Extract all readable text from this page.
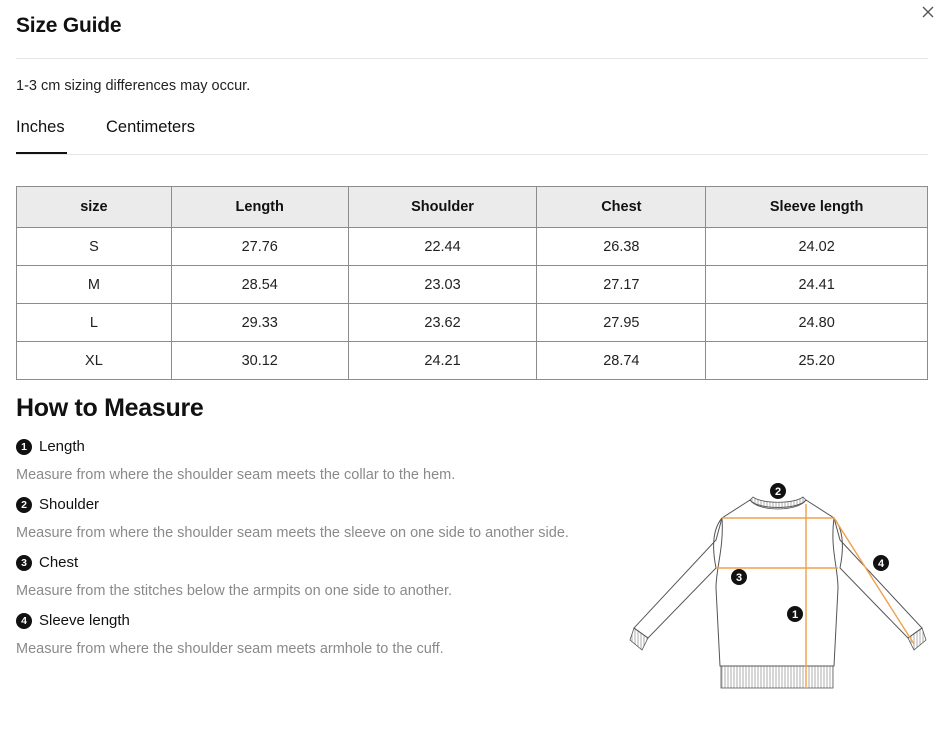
Size Guide
1-3 cm sizing differences may occur.
Inches	Centimeters
size	Length	Shoulder	Chest	Sleeve length
S	27.76	22.44	26.38	24.02
M	28.54	23.03	27.17	24.41
L	29.33	23.62	27.95	24.80
XL	30.12	24.21	28.74	25.20
How to Measure
1 Length
Measure from where the shoulder seam meets the collar to the hem.
2 Shoulder
Measure from where the shoulder seam meets the sleeve on one side to another side.
3 Chest
Measure from the stitches below the armpits on one side to another.
4 Sleeve length
Measure from where the shoulder seam meets armhole to the cuff.
2
3
1
4
